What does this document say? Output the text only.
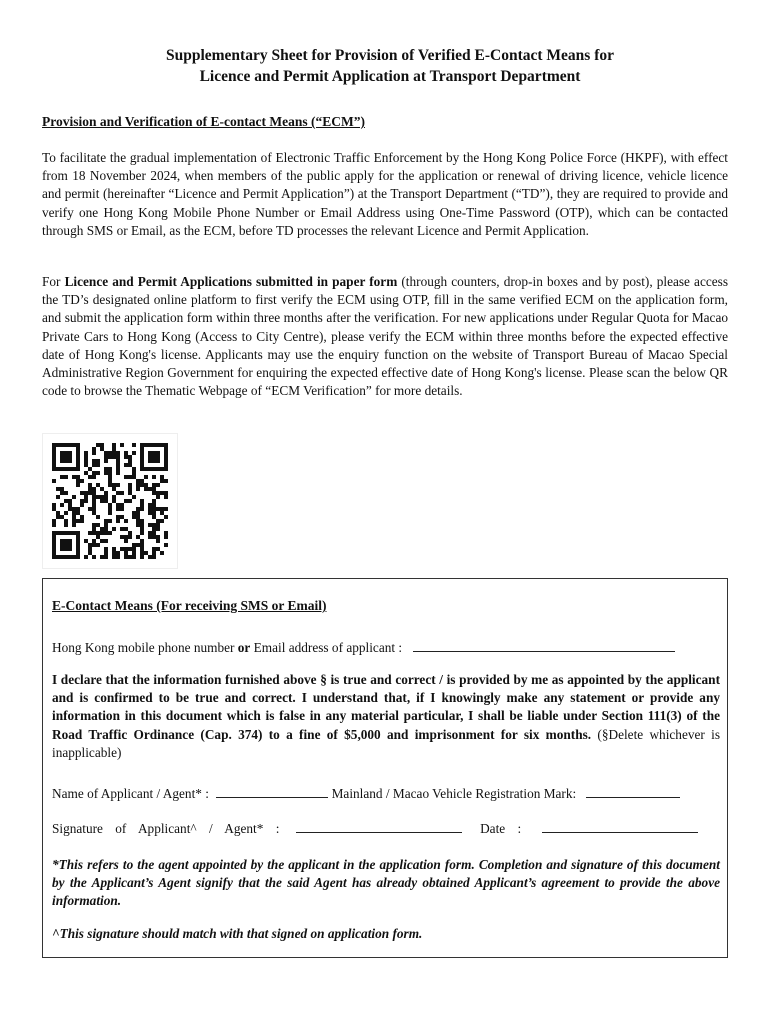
Supplementary Sheet for Provision of Verified E-Contact Means for
Licence and Permit Application at Transport Department
Provision and Verification of E-contact Means (“ECM”)
To facilitate the gradual implementation of Electronic Traffic Enforcement by the Hong Kong Police Force (HKPF), with effect from 18 November 2024, when members of the public apply for the application or renewal of driving licence, vehicle licence and permit (hereinafter “Licence and Permit Application”) at the Transport Department (“TD”), they are required to provide and verify one Hong Kong Mobile Phone Number or Email Address using One-Time Password (OTP), which can be contacted through SMS or Email, as the ECM, before TD processes the relevant Licence and Permit Application.
For Licence and Permit Applications submitted in paper form (through counters, drop-in boxes and by post), please access the TD’s designated online platform to first verify the ECM using OTP, fill in the same verified ECM on the application form, and submit the application form within three months after the verification. For new applications under Regular Quota for Macao Private Cars to Hong Kong (Access to City Centre), please verify the ECM within three months before the expected effective date of Hong Kong's license. Applicants may use the enquiry function on the website of Transport Bureau of Macao Special Administrative Region Government for enquiring the expected effective date of Hong Kong's license. Please scan the below QR code to browse the Thematic Webpage of “ECM Verification” for more details.
E-Contact Means (For receiving SMS or Email)
Hong Kong mobile phone number or Email address of applicant :
I declare that the information furnished above § is true and correct / is provided by me as appointed by the applicant and is confirmed to be true and correct. I understand that, if I knowingly make any statement or provide any information in this document which is false in any material particular, I shall be liable under Section 111(3) of the Road Traffic Ordinance (Cap. 374) to a fine of $5,000 and imprisonment for six months. (§Delete whichever is inapplicable)
Name of Applicant / Agent* :	Mainland / Macao Vehicle Registration Mark:
Signature of Applicant^ / Agent* :	Date :
*This refers to the agent appointed by the applicant in the application form. Completion and signature of this document by the Applicant’s Agent signify that the said Agent has already obtained Applicant’s agreement to provide the above information.
^This signature should match with that signed on application form.
